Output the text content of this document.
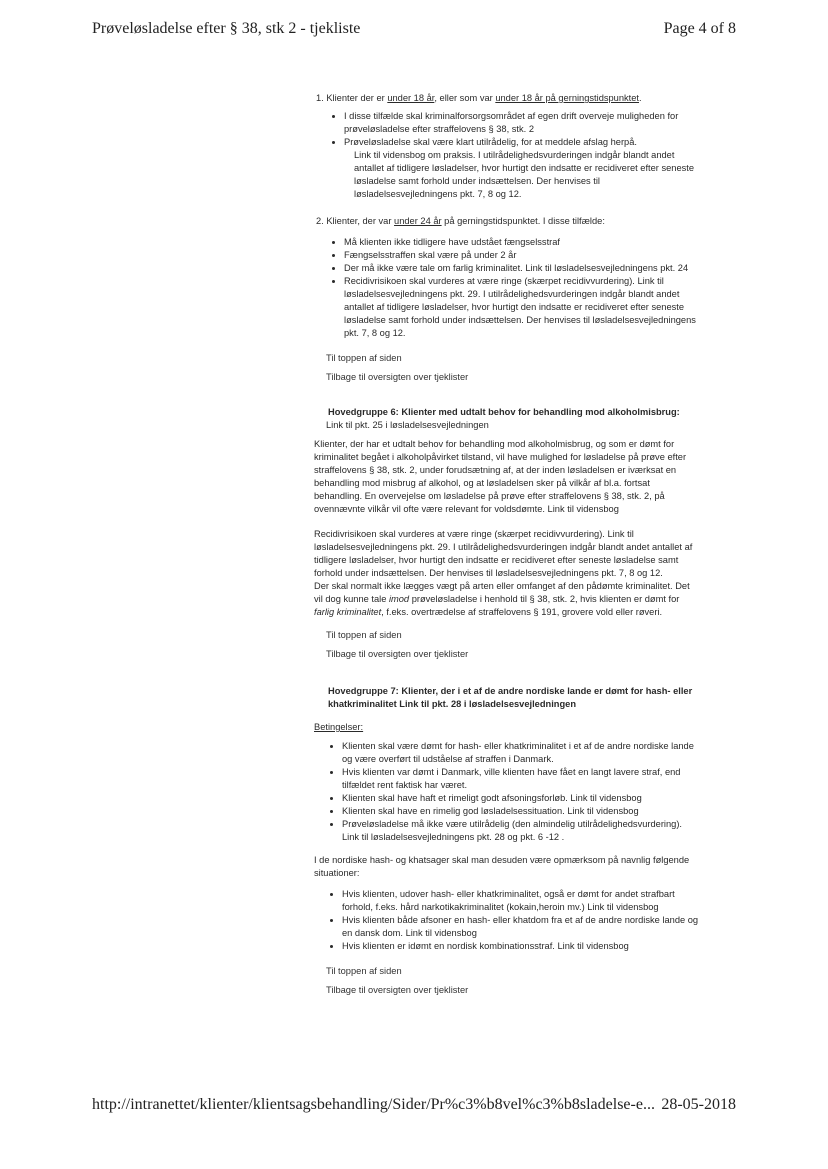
Prøveløsladelse efter § 38, stk 2 - tjekliste	Page 4 of 8
1. Klienter der er under 18 år, eller som var under 18 år på gerningstidspunktet.
• I disse tilfælde skal kriminalforsorgsområdet af egen drift overveje muligheden for prøveløsladelse efter straffelovens § 38, stk. 2
• Prøveløsladelse skal være klart utilrådelig, for at meddele afslag herpå.
Link til vidensbog om praksis. I utilrådelighedsvurderingen indgår blandt andet antallet af tidligere løsladelser, hvor hurtigt den indsatte er recidiveret efter seneste løsladelse samt forhold under indsættelsen. Der henvises til løsladelsesvejledningens pkt. 7, 8 og 12.
2. Klienter, der var under 24 år på gerningstidspunktet. I disse tilfælde:
• Må klienten ikke tidligere have udstået fængselsstraf
• Fængselsstraffen skal være på under 2 år
• Der må ikke være tale om farlig kriminalitet. Link til løsladelsesvejledningens pkt. 24
• Recidivrisikoen skal vurderes at være ringe (skærpet recidivvurdering). Link til løsladelsesvejledningens pkt. 29. I utilrådelighedsvurderingen indgår blandt andet antallet af tidligere løsladelser, hvor hurtigt den indsatte er recidiveret efter seneste løsladelse samt forhold under indsættelsen. Der henvises til løsladelsesvejledningens pkt. 7, 8 og 12.
Til toppen af siden
Tilbage til oversigten over tjeklister
Hovedgruppe 6: Klienter med udtalt behov for behandling mod alkoholmisbrug:
Link til pkt. 25 i løsladelsesvejledningen

Klienter, der har et udtalt behov for behandling mod alkoholmisbrug, og som er dømt for kriminalitet begået i alkoholpåvirket tilstand, vil have mulighed for løsladelse på prøve efter straffelovens § 38, stk. 2, under forudsætning af, at der inden løsladelsen er iværksat en behandling mod misbrug af alkohol, og at løsladelsen sker på vilkår af bl.a. fortsat behandling. En overvejelse om løsladelse på prøve efter straffelovens § 38, stk. 2, på ovennævnte vilkår vil ofte være relevant for voldsdømte. Link til vidensbog

Recidivrisikoen skal vurderes at være ringe (skærpet recidivvurdering). Link til løsladelsesvejledningens pkt. 29. I utilrådelighedsvurderingen indgår blandt andet antallet af tidligere løsladelser, hvor hurtigt den indsatte er recidiveret efter seneste løsladelse samt forhold under indsættelsen. Der henvises til løsladelsesvejledningens pkt. 7, 8 og 12.

Der skal normalt ikke lægges vægt på arten eller omfanget af den pådømte kriminalitet. Det vil dog kunne tale imod prøveløsladelse i henhold til § 38, stk. 2, hvis klienten er dømt for farlig kriminalitet, f.eks. overtrædelse af straffelovens § 191, grovere vold eller røveri.

Til toppen af siden
Tilbage til oversigten over tjeklister
Hovedgruppe 7: Klienter, der i et af de andre nordiske lande er dømt for hash- eller khatkriminalitet Link til pkt. 28 i løsladelsesvejledningen
Betingelser:
• Klienten skal være dømt for hash- eller khatkriminalitet i et af de andre nordiske lande og være overført til udståelse af straffen i Danmark.
• Hvis klienten var dømt i Danmark, ville klienten have fået en langt lavere straf, end tilfældet rent faktisk har været.
• Klienten skal have haft et rimeligt godt afsoningsforløb. Link til vidensbog
• Klienten skal have en rimelig god løsladelsessituation. Link til vidensbog
• Prøveløsladelse må ikke være utilrådelig (den almindelig utilrådelighedsvurdering). Link til løsladelsesvejledningens pkt. 28 og pkt. 6 -12 .

I de nordiske hash- og khatsager skal man desuden være opmærksom på navnlig følgende situationer:

• Hvis klienten, udover hash- eller khatkriminalitet, også er dømt for andet strafbart forhold, f.eks. hård narkotikakriminalitet (kokain,heroin mv.) Link til vidensbog
• Hvis klienten både afsoner en hash- eller khatdom fra et af de andre nordiske lande og en dansk dom. Link til vidensbog
• Hvis klienten er idømt en nordisk kombinationsstraf. Link til vidensbog
Til toppen af siden
Tilbage til oversigten over tjeklister
http://intranettet/klienter/klientsagsbehandling/Sider/Pr%c3%b8vel%c3%b8sladelse-e... 28-05-2018
